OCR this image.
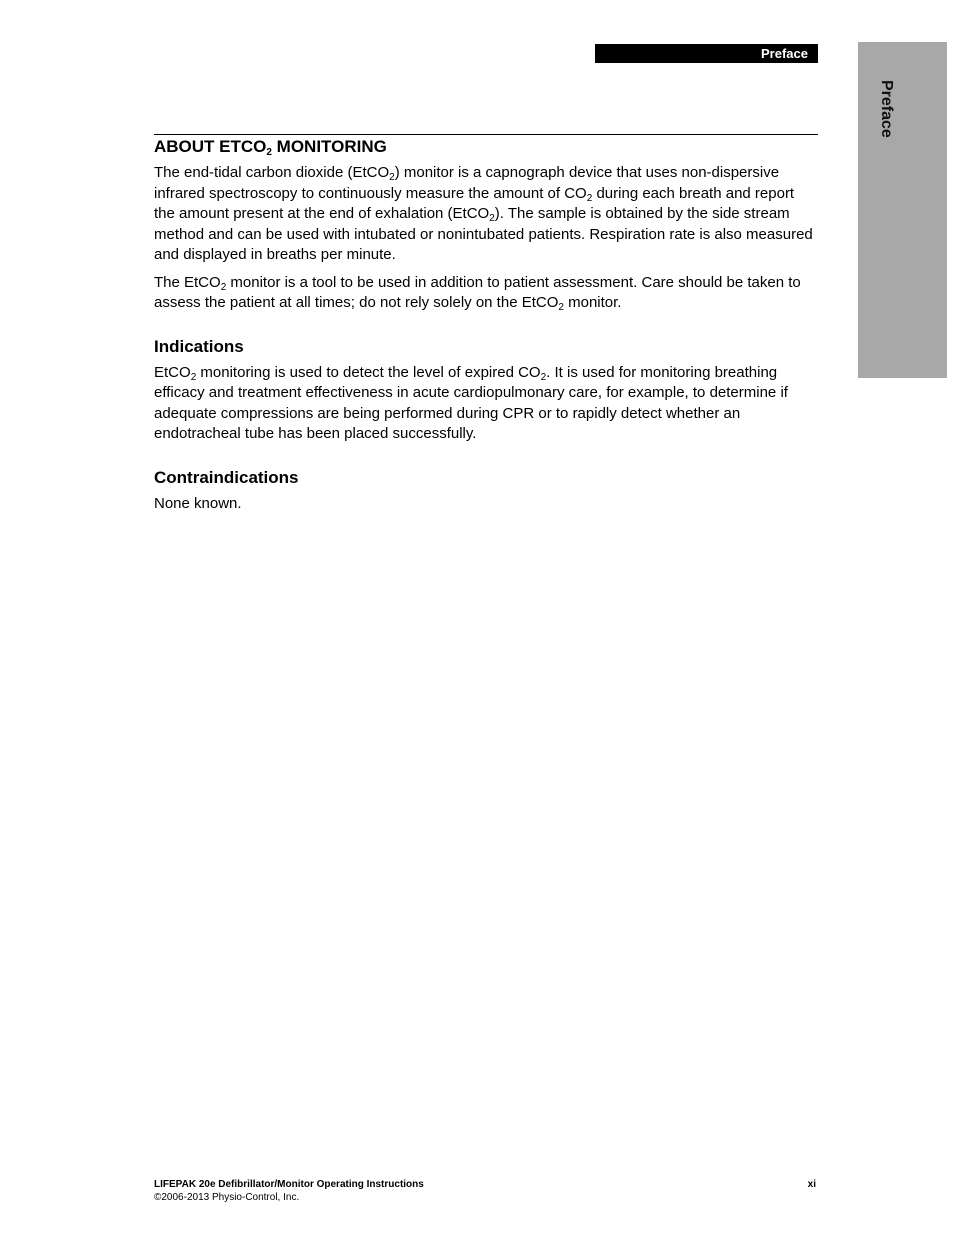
Preface
Preface
ABOUT $ETCO_2$ MONITORING

The end-tidal carbon dioxide (EtCO$_2$) monitor is a capnograph device that uses non-dispersive infrared spectroscopy to continuously measure the amount of $CO_2$ during each breath and report the amount present at the end of exhalation (EtCO$_2$). The sample is obtained by the side stream method and can be used with intubated or nonintubated patients. Respiration rate is also measured and displayed in breaths per minute.

The EtCO$_2$ monitor is a tool to be used in addition to patient assessment. Care should be taken to assess the patient at all times; do not rely solely on the EtCO$_2$ monitor.

Indications

EtCO$_2$ monitoring is used to detect the level of expired $CO_2$. It is used for monitoring breathing efficacy and treatment effectiveness in acute cardiopulmonary care, for example, to determine if adequate compressions are being performed during CPR or to rapidly detect whether an endotracheal tube has been placed successfully.

Contraindications

None known.

LIFEPAK 20e Defibrillator/Monitor Operating Instructions
©2006-2013 Physio-Control, Inc.
xi
